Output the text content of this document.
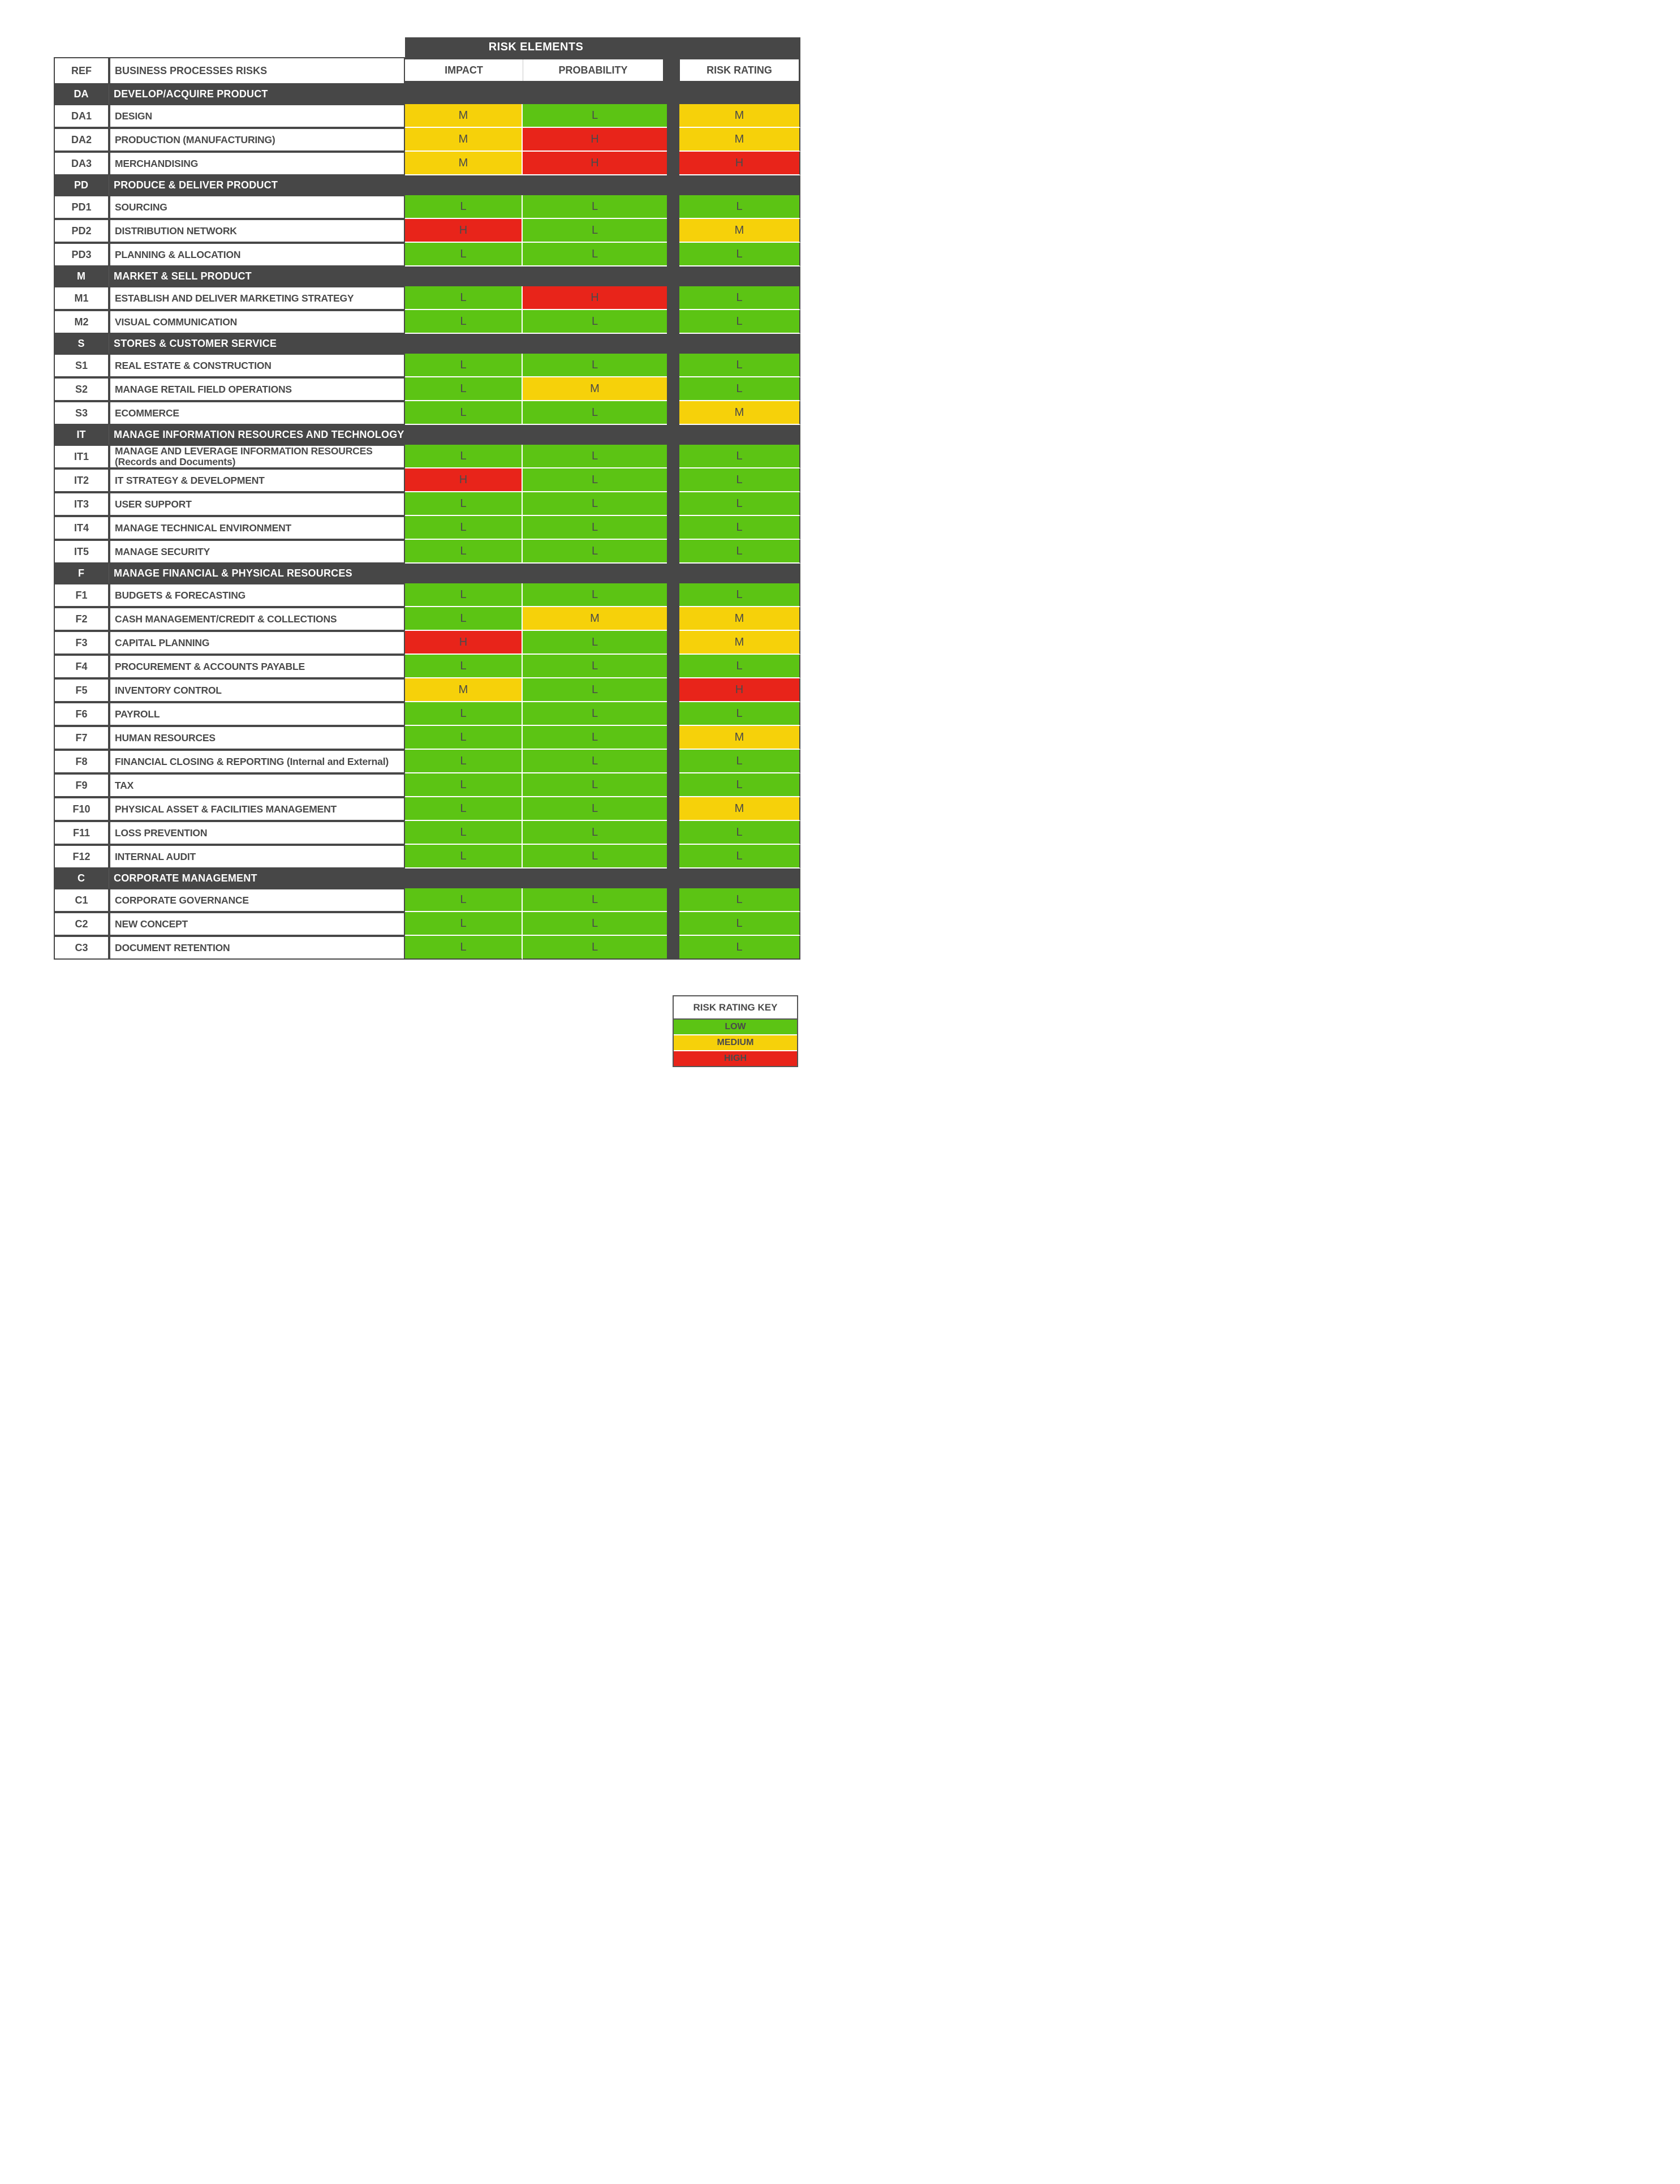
RISK ELEMENTS
REF	BUSINESS PROCESSES RISKS	IMPACT	PROBABILITY	RISK RATING
DA	DEVELOP/ACQUIRE PRODUCT
DA1	DESIGN	M	L	M
DA2	PRODUCTION (MANUFACTURING)	M	H	M
DA3	MERCHANDISING	M	H	H
PD	PRODUCE & DELIVER PRODUCT
PD1	SOURCING	L	L	L
PD2	DISTRIBUTION NETWORK	H	L	M
PD3	PLANNING & ALLOCATION	L	L	L
M	MARKET & SELL PRODUCT
M1	ESTABLISH AND DELIVER MARKETING STRATEGY	L	H	L
M2	VISUAL COMMUNICATION	L	L	L
S	STORES & CUSTOMER SERVICE
S1	REAL ESTATE & CONSTRUCTION	L	L	L
S2	MANAGE RETAIL FIELD OPERATIONS	L	M	L
S3	ECOMMERCE	L	L	M
IT	MANAGE INFORMATION RESOURCES AND TECHNOLOGY
IT1	MANAGE AND LEVERAGE INFORMATION RESOURCES (Records and Documents)	L	L	L
IT2	IT STRATEGY & DEVELOPMENT	H	L	L
IT3	USER SUPPORT	L	L	L
IT4	MANAGE TECHNICAL ENVIRONMENT	L	L	L
IT5	MANAGE SECURITY	L	L	L
F	MANAGE FINANCIAL & PHYSICAL RESOURCES
F1	BUDGETS & FORECASTING	L	L	L
F2	CASH MANAGEMENT/CREDIT & COLLECTIONS	L	M	M
F3	CAPITAL PLANNING	H	L	M
F4	PROCUREMENT & ACCOUNTS PAYABLE	L	L	L
F5	INVENTORY CONTROL	M	L	H
F6	PAYROLL	L	L	L
F7	HUMAN RESOURCES	L	L	M
F8	FINANCIAL CLOSING & REPORTING (Internal and External)	L	L	L
F9	TAX	L	L	L
F10	PHYSICAL ASSET & FACILITIES MANAGEMENT	L	L	M
F11	LOSS PREVENTION	L	L	L
F12	INTERNAL AUDIT	L	L	L
C	CORPORATE MANAGEMENT
C1	CORPORATE GOVERNANCE	L	L	L
C2	NEW CONCEPT	L	L	L
C3	DOCUMENT RETENTION	L	L	L
RISK RATING KEY
LOW
MEDIUM
HIGH
